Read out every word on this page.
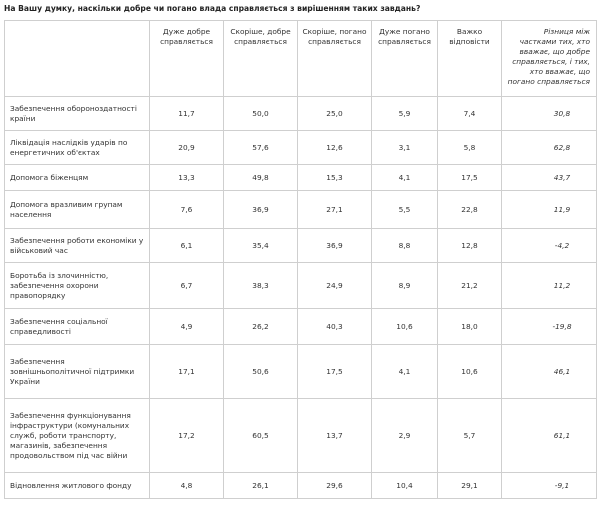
На Вашу думку, наскільки добре чи погано влада справляється з вирішенням таких завдань?
	Дуже добре справляється	Скоріше, добре справляється	Скоріше, погано справляється	Дуже погано справляється	Важко відповісти	Різниця між частками тих, хто вважає, що добре справляється, і тих, хто вважає, що погано справляється
Забезпечення обороноздатності країни	11,7	50,0	25,0	5,9	7,4	30,8
Ліквідація наслідків ударів по енергетичних об'єктах	20,9	57,6	12,6	3,1	5,8	62,8
Допомога біженцям	13,3	49,8	15,3	4,1	17,5	43,7
Допомога вразливим групам населення	7,6	36,9	27,1	5,5	22,8	11,9
Забезпечення роботи економіки у військовий час	6,1	35,4	36,9	8,8	12,8	-4,2
Боротьба із злочинністю, забезпечення охорони правопорядку	6,7	38,3	24,9	8,9	21,2	11,2
Забезпечення соціальної справедливості	4,9	26,2	40,3	10,6	18,0	-19,8
Забезпечення зовнішньополітичної підтримки України	17,1	50,6	17,5	4,1	10,6	46,1
Забезпечення функціонування інфраструктури (комунальних служб, роботи транспорту, магазинів, забезпечення продовольством під час війни	17,2	60,5	13,7	2,9	5,7	61,1
Відновлення житлового фонду	4,8	26,1	29,6	10,4	29,1	-9,1
